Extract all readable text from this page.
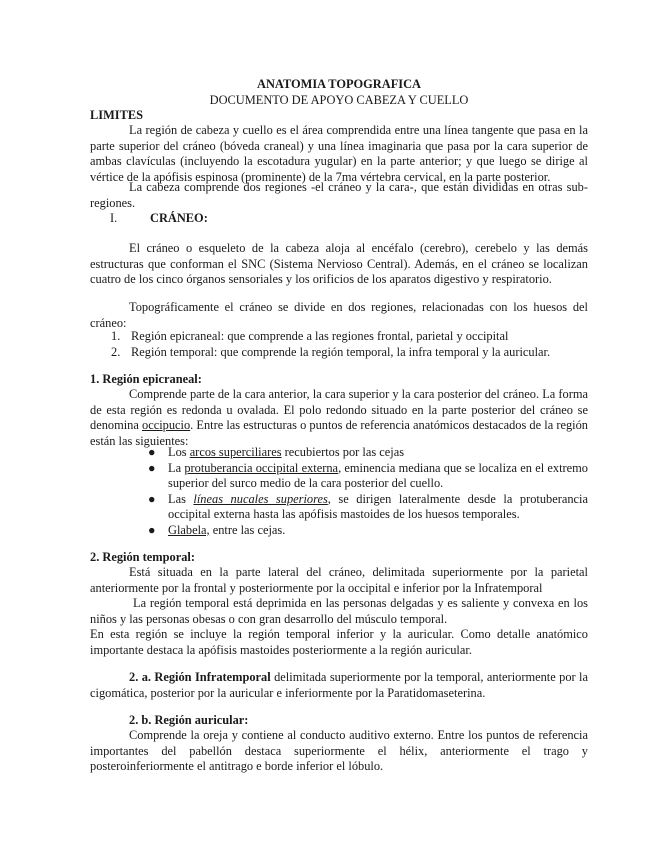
ANATOMIA TOPOGRAFICA
DOCUMENTO DE APOYO CABEZA Y CUELLO
LIMITES

La región de cabeza y cuello es el área comprendida entre una línea tangente que pasa en la parte superior del cráneo (bóveda craneal) y una línea imaginaria que pasa por la cara superior de ambas clavículas (incluyendo la escotadura yugular) en la parte anterior; y que luego se dirige al vértice de la apófisis espinosa (prominente) de la 7ma vértebra cervical, en la parte posterior.

La cabeza comprende dos regiones -el cráneo y la cara-, que están divididas en otras sub-regiones.

I.	CRÁNEO:

El cráneo o esqueleto de la cabeza aloja al encéfalo (cerebro), cerebelo y las demás estructuras que conforman el SNC (Sistema Nervioso Central). Además, en el cráneo se localizan cuatro de los cinco órganos sensoriales y los orificios de los aparatos digestivo y respiratorio.

Topográficamente el cráneo se divide en dos regiones, relacionadas con los huesos del cráneo:

1. Región epicraneal: que comprende a las regiones frontal, parietal y occipital
2. Región temporal: que comprende la región temporal, la infra temporal y la auricular.
1. Región epicraneal:

Comprende parte de la cara anterior, la cara superior y la cara posterior del cráneo. La forma de esta región es redonda u ovalada. El polo redondo situado en la parte posterior del cráneo se denomina occipucio. Entre las estructuras o puntos de referencia anatómicos destacados de la región están las siguientes:

● Los arcos superciliares recubiertos por las cejas
● La protuberancia occipital externa, eminencia mediana que se localiza en el extremo superior del surco medio de la cara posterior del cuello.
● Las líneas nucales superiores, se dirigen lateralmente desde la protuberancia occipital externa hasta las apófisis mastoides de los huesos temporales.
● Glabela, entre las cejas.
2. Región temporal:

Está situada en la parte lateral del cráneo, delimitada superiormente por la parietal anteriormente por la frontal y posteriormente por la occipital e inferior por la Infratemporal

La región temporal está deprimida en las personas delgadas y es saliente y convexa en los niños y las personas obesas o con gran desarrollo del músculo temporal.

En esta región se incluye la región temporal inferior y la auricular. Como detalle anatómico importante destaca la apófisis mastoides posteriormente a la región auricular.

2. a. Región Infratemporal delimitada superiormente por la temporal, anteriormente por la cigomática, posterior por la auricular e inferiormente por la Paratidomaseterina.

2. b. Región auricular:

Comprende la oreja y contiene al conducto auditivo externo. Entre los puntos de referencia importantes del pabellón destaca superiormente el hélix, anteriormente el trago y posteroinferiormente el antitrago e borde inferior el lóbulo.
